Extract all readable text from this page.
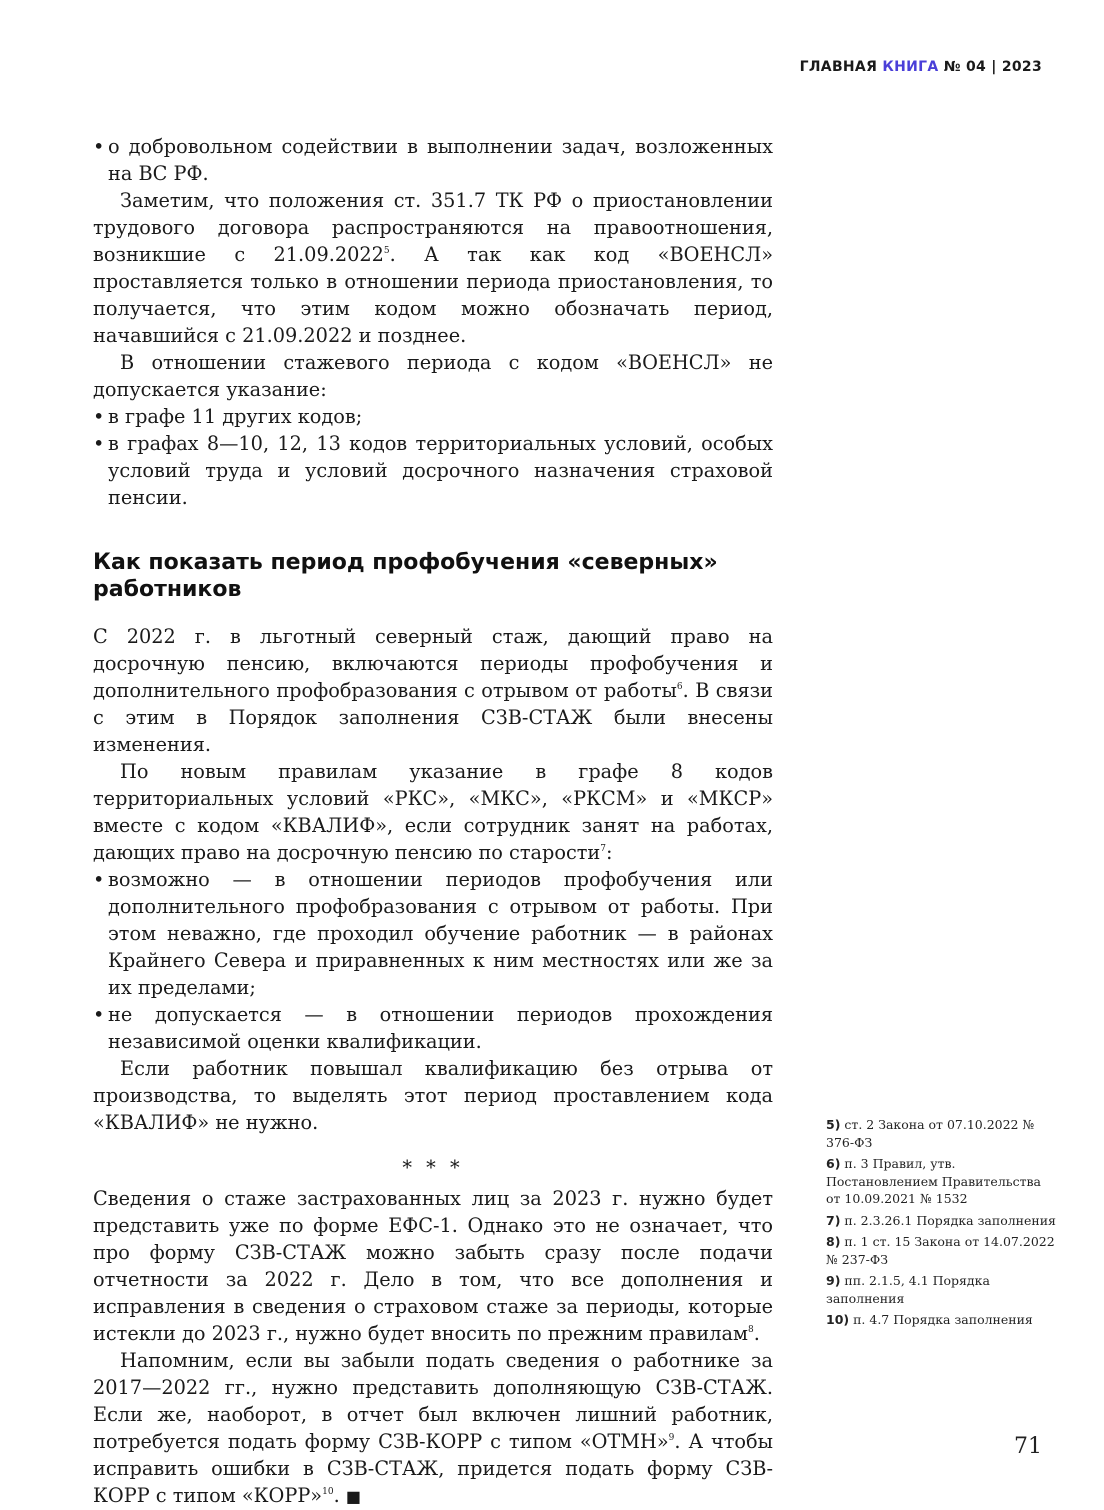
ГЛАВНАЯ КНИГА № 04 | 2023
• о добровольном содействии в выполнении задач, возложенных на ВС РФ.

Заметим, что положения ст. 351.7 ТК РФ о приостановлении трудового договора распространяются на правоотношения, возникшие с 21.09.2022$^5$. А так как код «ВОЕНСЛ» проставляется только в отношении периода приостановления, то получается, что этим кодом можно обозначать период, начавшийся с 21.09.2022 и позднее.

В отношении стажевого периода с кодом «ВОЕНСЛ» не допускается указание:

• в графе 11 других кодов;
• в графах 8—10, 12, 13 кодов территориальных условий, особых условий труда и условий досрочного назначения страховой пенсии.
Как показать период профобучения «северных» работников

С 2022 г. в льготный северный стаж, дающий право на досрочную пенсию, включаются периоды профобучения и дополнительного профобразования с отрывом от работы$^6$. В связи с этим в Порядок заполнения СЗВ-СТАЖ были внесены изменения.

По новым правилам указание в графе 8 кодов территориальных условий «РКС», «МКС», «РКСМ» и «МКСР» вместе с кодом «КВАЛИФ», если сотрудник занят на работах, дающих право на досрочную пенсию по старости$^7$:

• возможно — в отношении периодов профобучения или дополнительного профобразования с отрывом от работы. При этом неважно, где проходил обучение работник — в районах Крайнего Севера и приравненных к ним местностях или же за их пределами;
• не допускается — в отношении периодов прохождения независимой оценки квалификации.

Если работник повышал квалификацию без отрыва от производства, то выделять этот период проставлением кода «КВАЛИФ» не нужно.

* * *

Сведения о стаже застрахованных лиц за 2023 г. нужно будет представить уже по форме ЕФС-1. Однако это не означает, что про форму СЗВ-СТАЖ можно забыть сразу после подачи отчетности за 2022 г. Дело в том, что все дополнения и исправления в сведения о страховом стаже за периоды, которые истекли до 2023 г., нужно будет вносить по прежним правилам$^8$.

Напомним, если вы забыли подать сведения о работнике за 2017—2022 гг., нужно представить дополняющую СЗВ-СТАЖ. Если же, наоборот, в отчет был включен лишний работник, потребуется подать форму СЗВ-КОРР с типом «ОТМН»$^9$. А чтобы исправить ошибки в СЗВ-СТАЖ, придется подать форму СЗВ-КОРР с типом «КОРР»$^{10}$. ■

5) ст. 2 Закона от 07.10.2022 № 376-ФЗ
6) п. 3 Правил, утв. Постановлением Правительства от 10.09.2021 № 1532
7) п. 2.3.26.1 Порядка заполнения
8) п. 1 ст. 15 Закона от 14.07.2022 № 237-ФЗ
9) пп. 2.1.5, 4.1 Порядка заполнения
10) п. 4.7 Порядка заполнения
71
